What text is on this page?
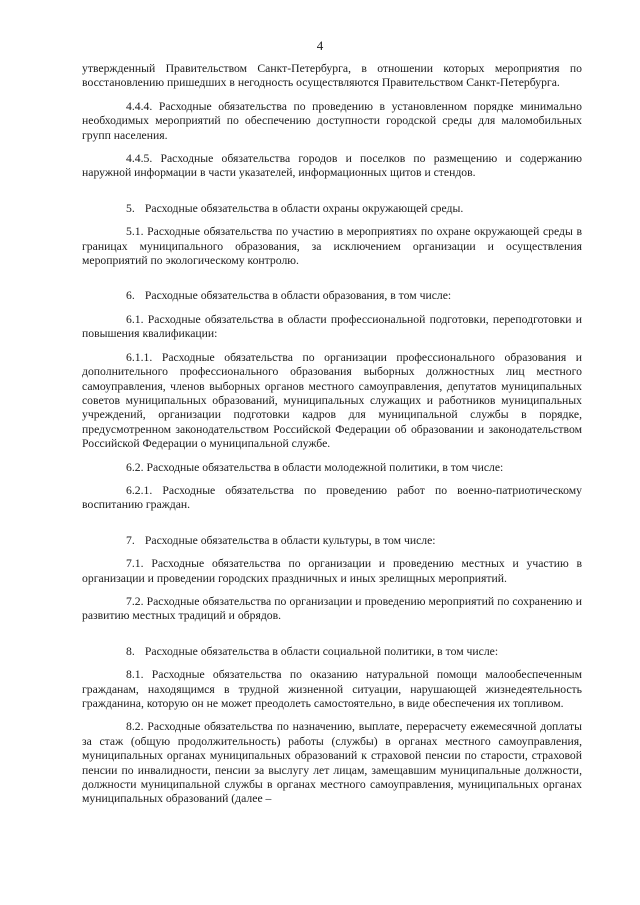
4

утвержденный Правительством Санкт-Петербурга, в отношении которых мероприятия по восстановлению пришедших в негодность осуществляются Правительством Санкт-Петербурга.

4.4.4. Расходные обязательства по проведению в установленном порядке минимально необходимых мероприятий по обеспечению доступности городской среды для маломобильных групп населения.

4.4.5. Расходные обязательства городов и поселков по размещению и содержанию наружной информации в части указателей, информационных щитов и стендов.

5. Расходные обязательства в области охраны окружающей среды.

5.1. Расходные обязательства по участию в мероприятиях по охране окружающей среды в границах муниципального образования, за исключением организации и осуществления мероприятий по экологическому контролю.

6. Расходные обязательства в области образования, в том числе:

6.1. Расходные обязательства в области профессиональной подготовки, переподготовки и повышения квалификации:

6.1.1. Расходные обязательства по организации профессионального образования и дополнительного профессионального образования выборных должностных лиц местного самоуправления, членов выборных органов местного самоуправления, депутатов муниципальных советов муниципальных образований, муниципальных служащих и работников муниципальных учреждений, организации подготовки кадров для муниципальной службы в порядке, предусмотренном законодательством Российской Федерации об образовании и законодательством Российской Федерации о муниципальной службе.

6.2. Расходные обязательства в области молодежной политики, в том числе:

6.2.1. Расходные обязательства по проведению работ по военно-патриотическому воспитанию граждан.

7. Расходные обязательства в области культуры, в том числе:

7.1. Расходные обязательства по организации и проведению местных и участию в организации и проведении городских праздничных и иных зрелищных мероприятий.

7.2. Расходные обязательства по организации и проведению мероприятий по сохранению и развитию местных традиций и обрядов.

8. Расходные обязательства в области социальной политики, в том числе:

8.1. Расходные обязательства по оказанию натуральной помощи малообеспеченным гражданам, находящимся в трудной жизненной ситуации, нарушающей жизнедеятельность гражданина, которую он не может преодолеть самостоятельно, в виде обеспечения их топливом.

8.2. Расходные обязательства по назначению, выплате, перерасчету ежемесячной доплаты за стаж (общую продолжительность) работы (службы) в органах местного самоуправления, муниципальных органах муниципальных образований к страховой пенсии по старости, страховой пенсии по инвалидности, пенсии за выслугу лет лицам, замещавшим муниципальные должности, должности муниципальной службы в органах местного самоуправления, муниципальных органах муниципальных образований (далее –
